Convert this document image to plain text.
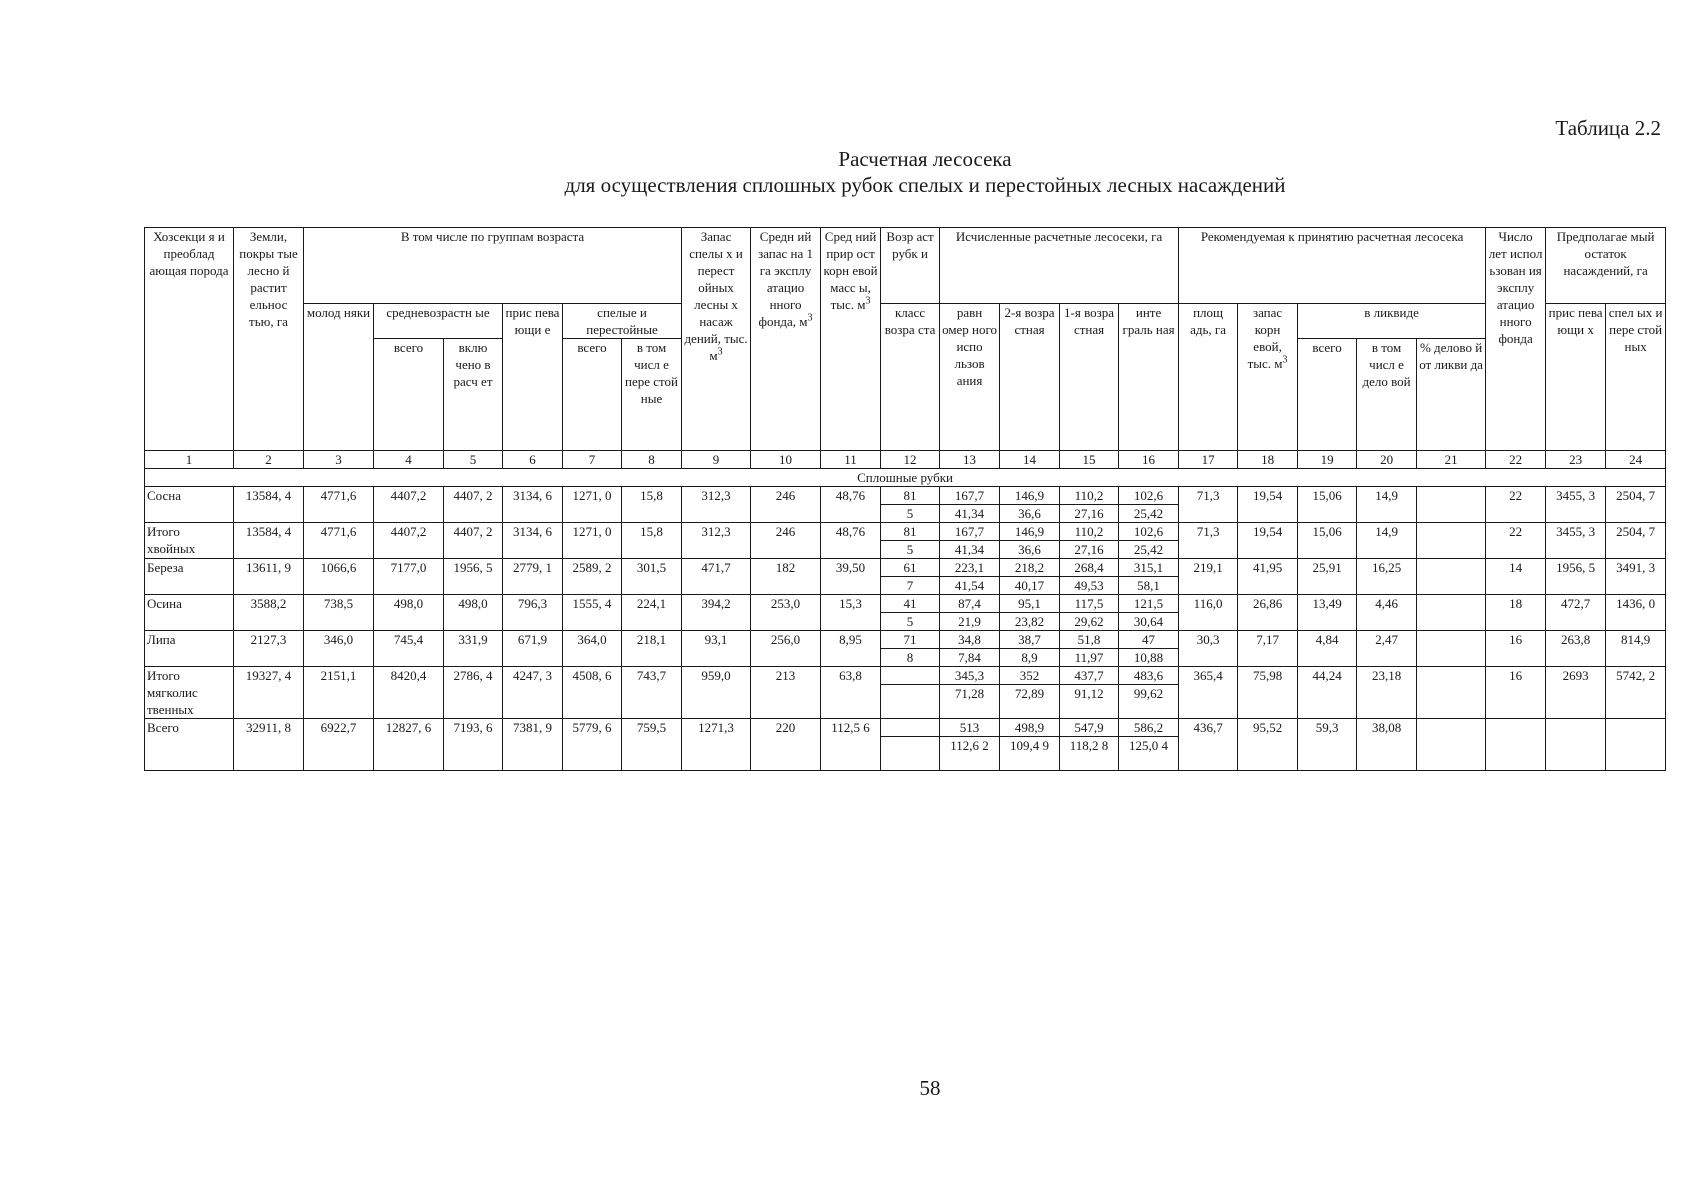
Таблица 2.2
Расчетная лесосека
для осуществления сплошных рубок спелых и перестойных лесных насаждений
Хозсекци я и преоблад ающая порода	Земли, покры тые лесно й растит ельнос тью, га	В том числе по группам возраста						Запас спелы х и перест ойных лесны х насаж дений, тыс. $м^3$	Средн ий запас на 1 га эксплу атацио нного фонда, $м^3$	Сред ний прир ост корн евой масс ы, тыс. $м^3$	Возр аст рубк и	Исчисленные расчетные лесосеки, га				Рекомендуемая к принятию расчетная лесосека					Число лет испол ьзован ия эксплу атацио нного фонда	Предполагае мый остаток насаждений, га	
		молод няки	средневозрастн ые		прис пева ющи е	спелые и перестойные					класс возра ста	равн омер ного испо льзов ания	2-я возра стная	1-я возра стная	инте граль ная	площ адь, га	запас корн евой, тыс. $м^3$	в ликвиде				прис пева ющи х	спел ых и пере стой ных
			всего	вклю чено в расч ет		всего	в том числ е пере стой ные											всего	в том числ е дело вой	% делово й от ликви да			
1	2	3	4	5	6	7	8	9	10	11	12	13	14	15	16	17	18	19	20	21	22	23	24
Сплошные рубки																							
Сосна	13584, 4	4771,6	4407,2	4407, 2	3134, 6	1271, 0	15,8	312,3	246	48,76	81	167,7	146,9	110,2	102,6	71,3	19,54	15,06	14,9		22	3455, 3	2504, 7
											5	41,34	36,6	27,16	25,42								
Итого хвойных	13584, 4	4771,6	4407,2	4407, 2	3134, 6	1271, 0	15,8	312,3	246	48,76	81	167,7	146,9	110,2	102,6	71,3	19,54	15,06	14,9		22	3455, 3	2504, 7
											5	41,34	36,6	27,16	25,42								
Береза	13611, 9	1066,6	7177,0	1956, 5	2779, 1	2589, 2	301,5	471,7	182	39,50	61	223,1	218,2	268,4	315,1	219,1	41,95	25,91	16,25		14	1956, 5	3491, 3
											7	41,54	40,17	49,53	58,1								
Осина	3588,2	738,5	498,0	498,0	796,3	1555, 4	224,1	394,2	253,0	15,3	41	87,4	95,1	117,5	121,5	116,0	26,86	13,49	4,46		18	472,7	1436, 0
											5	21,9	23,82	29,62	30,64								
Липа	2127,3	346,0	745,4	331,9	671,9	364,0	218,1	93,1	256,0	8,95	71	34,8	38,7	51,8	47	30,3	7,17	4,84	2,47		16	263,8	814,9
											8	7,84	8,9	11,97	10,88								
Итого мягколис твенных	19327, 4	2151,1	8420,4	2786, 4	4247, 3	4508, 6	743,7	959,0	213	63,8		345,3	352	437,7	483,6	365,4	75,98	44,24	23,18		16	2693	5742, 2
												71,28	72,89	91,12	99,62								
Всего	32911, 8	6922,7	12827, 6	7193, 6	7381, 9	5779, 6	759,5	1271,3	220	112,5 6		513	498,9	547,9	586,2	436,7	95,52	59,3	38,08				
												112,6 2	109,4 9	118,2 8	125,0 4								
58
